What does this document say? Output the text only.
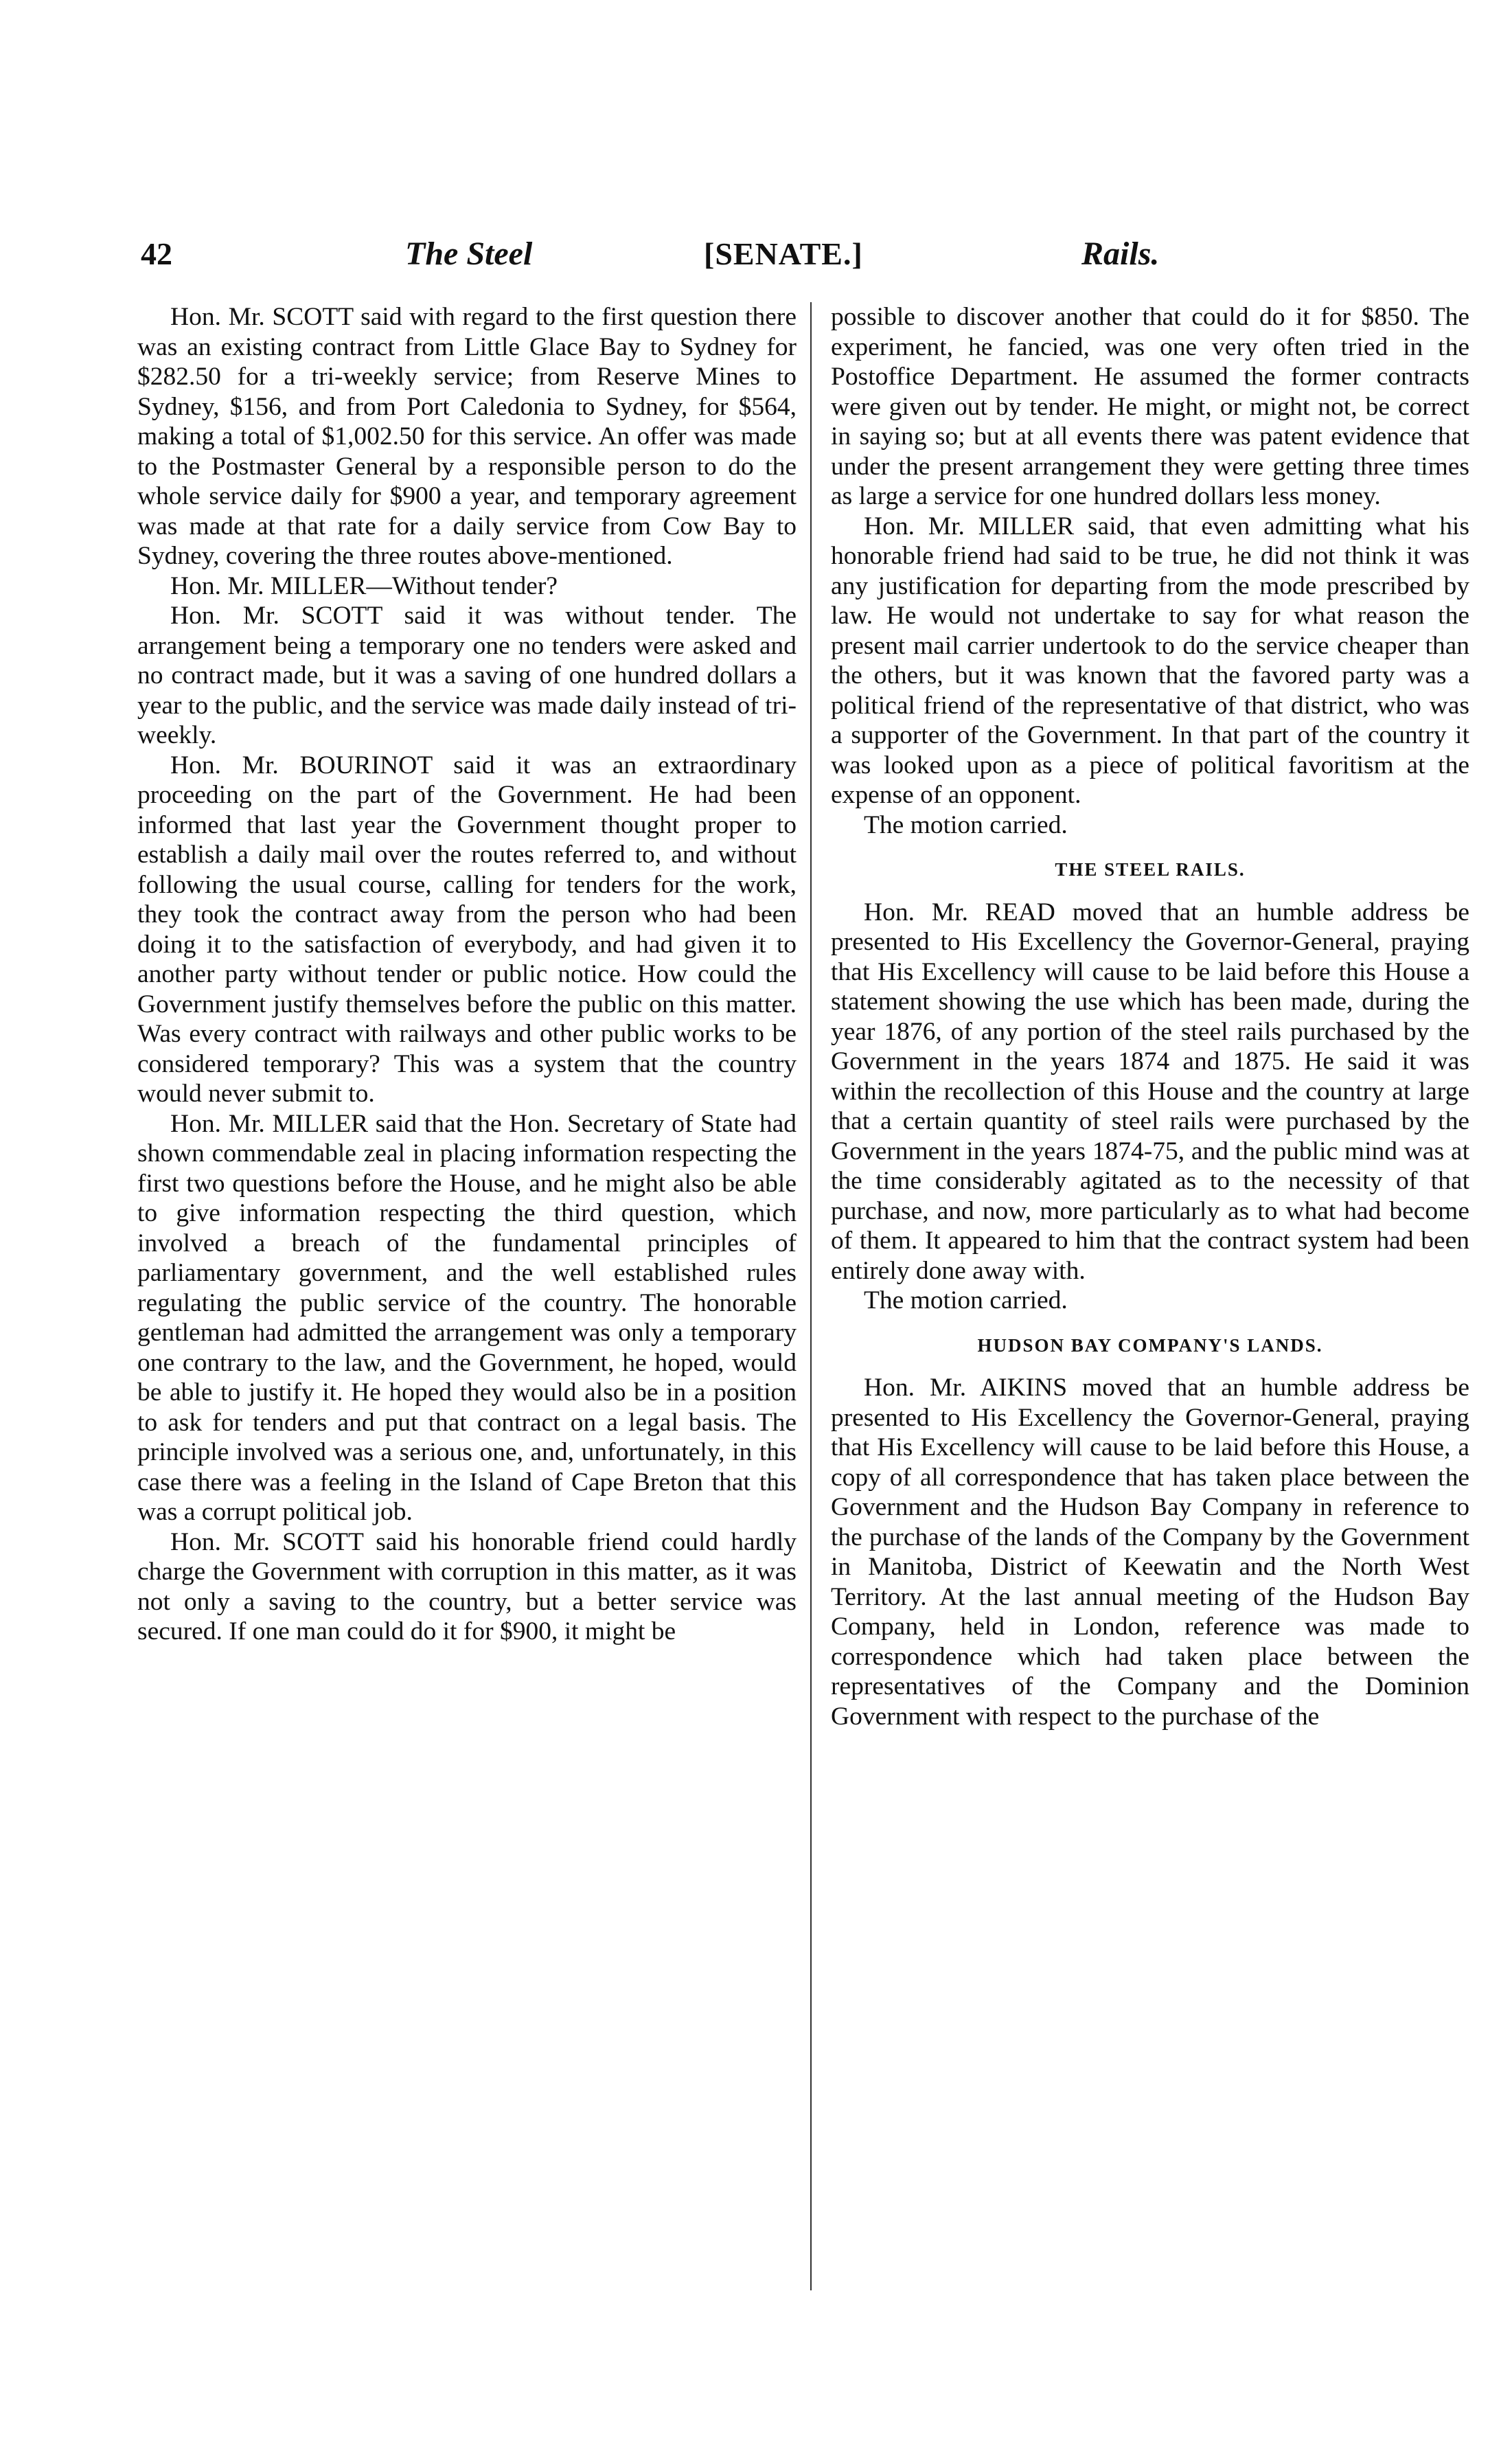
42	The Steel	[SENATE.]	Rails.

Hon. Mr. SCOTT said with regard to the first question there was an existing contract from Little Glace Bay to Sydney for $282.50 for a tri-weekly service; from Reserve Mines to Sydney, $156, and from Port Caledonia to Sydney, for $564, making a total of $1,002.50 for this service. An offer was made to the Postmaster General by a responsible person to do the whole service daily for $900 a year, and temporary agreement was made at that rate for a daily service from Cow Bay to Sydney, covering the three routes above-mentioned.

Hon. Mr. MILLER—Without tender?

Hon. Mr. SCOTT said it was without tender. The arrangement being a temporary one no tenders were asked and no contract made, but it was a saving of one hundred dollars a year to the public, and the service was made daily instead of tri-weekly.

Hon. Mr. BOURINOT said it was an extraordinary proceeding on the part of the Government. He had been informed that last year the Government thought proper to establish a daily mail over the routes referred to, and without following the usual course, calling for tenders for the work, they took the contract away from the person who had been doing it to the satisfaction of everybody, and had given it to another party without tender or public notice. How could the Government justify themselves before the public on this matter. Was every contract with railways and other public works to be considered temporary? This was a system that the country would never submit to.

Hon. Mr. MILLER said that the Hon. Secretary of State had shown commendable zeal in placing information respecting the first two questions before the House, and he might also be able to give information respecting the third question, which involved a breach of the fundamental principles of parliamentary government, and the well established rules regulating the public service of the country. The honorable gentleman had admitted the arrangement was only a temporary one contrary to the law, and the Government, he hoped, would be able to justify it. He hoped they would also be in a position to ask for tenders and put that contract on a legal basis. The principle involved was a serious one, and, unfortunately, in this case there was a feeling in the Island of Cape Breton that this was a corrupt political job.

Hon. Mr. SCOTT said his honorable friend could hardly charge the Government with corruption in this matter, as it was not only a saving to the country, but a better service was secured. If one man could do it for $900, it might be

possible to discover another that could do it for $850. The experiment, he fancied, was one very often tried in the Postoffice Department. He assumed the former contracts were given out by tender. He might, or might not, be correct in saying so; but at all events there was patent evidence that under the present arrangement they were getting three times as large a service for one hundred dollars less money.

Hon. Mr. MILLER said, that even admitting what his honorable friend had said to be true, he did not think it was any justification for departing from the mode prescribed by law. He would not undertake to say for what reason the present mail carrier undertook to do the service cheaper than the others, but it was known that the favored party was a political friend of the representative of that district, who was a supporter of the Government. In that part of the country it was looked upon as a piece of political favoritism at the expense of an opponent.

The motion carried.

THE STEEL RAILS.

Hon. Mr. READ moved that an humble address be presented to His Excellency the Governor-General, praying that His Excellency will cause to be laid before this House a statement showing the use which has been made, during the year 1876, of any portion of the steel rails purchased by the Government in the years 1874 and 1875. He said it was within the recollection of this House and the country at large that a certain quantity of steel rails were purchased by the Government in the years 1874-75, and the public mind was at the time considerably agitated as to the necessity of that purchase, and now, more particularly as to what had become of them. It appeared to him that the contract system had been entirely done away with.

The motion carried.

HUDSON BAY COMPANY'S LANDS.

Hon. Mr. AIKINS moved that an humble address be presented to His Excellency the Governor-General, praying that His Excellency will cause to be laid before this House, a copy of all correspondence that has taken place between the Government and the Hudson Bay Company in reference to the purchase of the lands of the Company by the Government in Manitoba, District of Keewatin and the North West Territory. At the last annual meeting of the Hudson Bay Company, held in London, reference was made to correspondence which had taken place between the representatives of the Company and the Dominion Government with respect to the purchase of the
